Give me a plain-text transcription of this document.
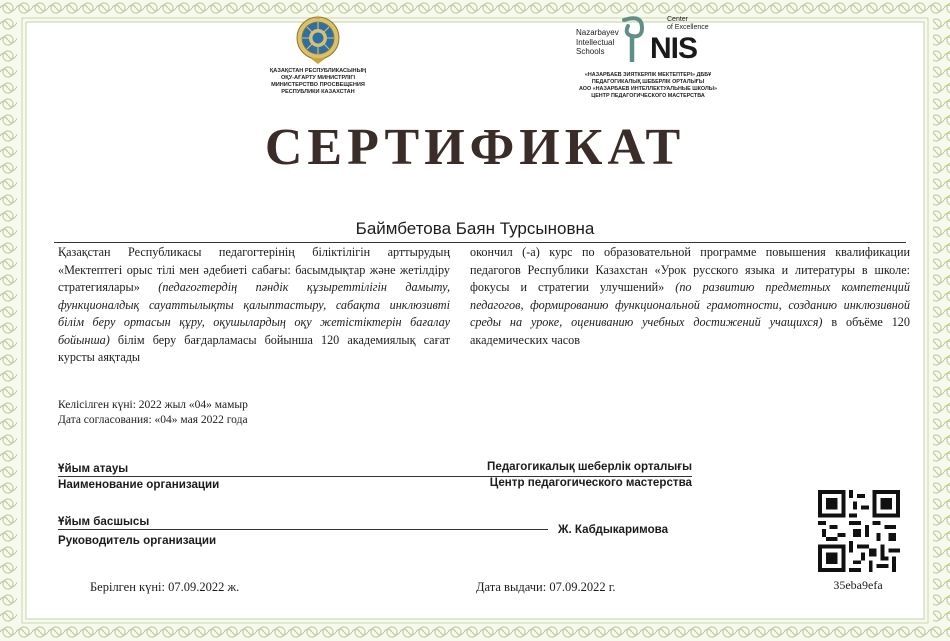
ҚАЗАҚСТАН РЕСПУБЛИКАСЫНЫҢ
ОҚУ-АҒАРТУ МИНИСТРЛІГІ
МИНИСТЕРСТВО ПРОСВЕЩЕНИЯ
РЕСПУБЛИКИ КАЗАХСТАН
Center
of Excellence
Nazarbayev
Intellectual
Schools	NIS
«НАЗАРБАЕВ ЗИЯТКЕРЛІК МЕКТЕПТЕРІ» ДББҰ
ПЕДАГОГИКАЛЫҚ ШЕБЕРЛІК ОРТАЛЫҒЫ
АОО «НАЗАРБАЕВ ИНТЕЛЛЕКТУАЛЬНЫЕ ШКОЛЫ»
ЦЕНТР ПЕДАГОГИЧЕСКОГО МАСТЕРСТВА
СЕРТИФИКАТ
Баймбетова Баян Турсыновна
Қазақстан Республикасы педагогтерінің біліктілігін арттырудың «Мектептегі орыс тілі мен әдебиеті сабағы: басымдықтар және жетілдіру стратегиялары» (педагогтердің пәндік құзыреттілігін дамыту, функционалдық сауаттылықты қалыптастыру, сабақта инклюзивті білім беру ортасын құру, оқушылардың оқу жетістіктерін бағалау бойынша) білім беру бағдарламасы бойынша 120 академиялық сағат курсты аяқтады
окончил (-а) курс по образовательной программе повышения квалификации педагогов Республики Казахстан «Урок русского языка и литературы в школе: фокусы и стратегии улучшений» (по развитию предметных компетенций педагогов, формированию функциональной грамотности, созданию инклюзивной среды на уроке, оцениванию учебных достижений учащихся) в объёме 120 академических часов
Келісілген күні: 2022 жыл «04» мамыр
Дата согласования: «04» мая 2022 года
Ұйым атауы
Наименование организации
Педагогикалық шеберлік орталығы
Центр педагогического мастерства
Ұйым басшысы
Руководитель организации
Ж. Кабдыкаримова
35eba9efa
Берілген күні: 07.09.2022 ж.	Дата выдачи: 07.09.2022 г.
